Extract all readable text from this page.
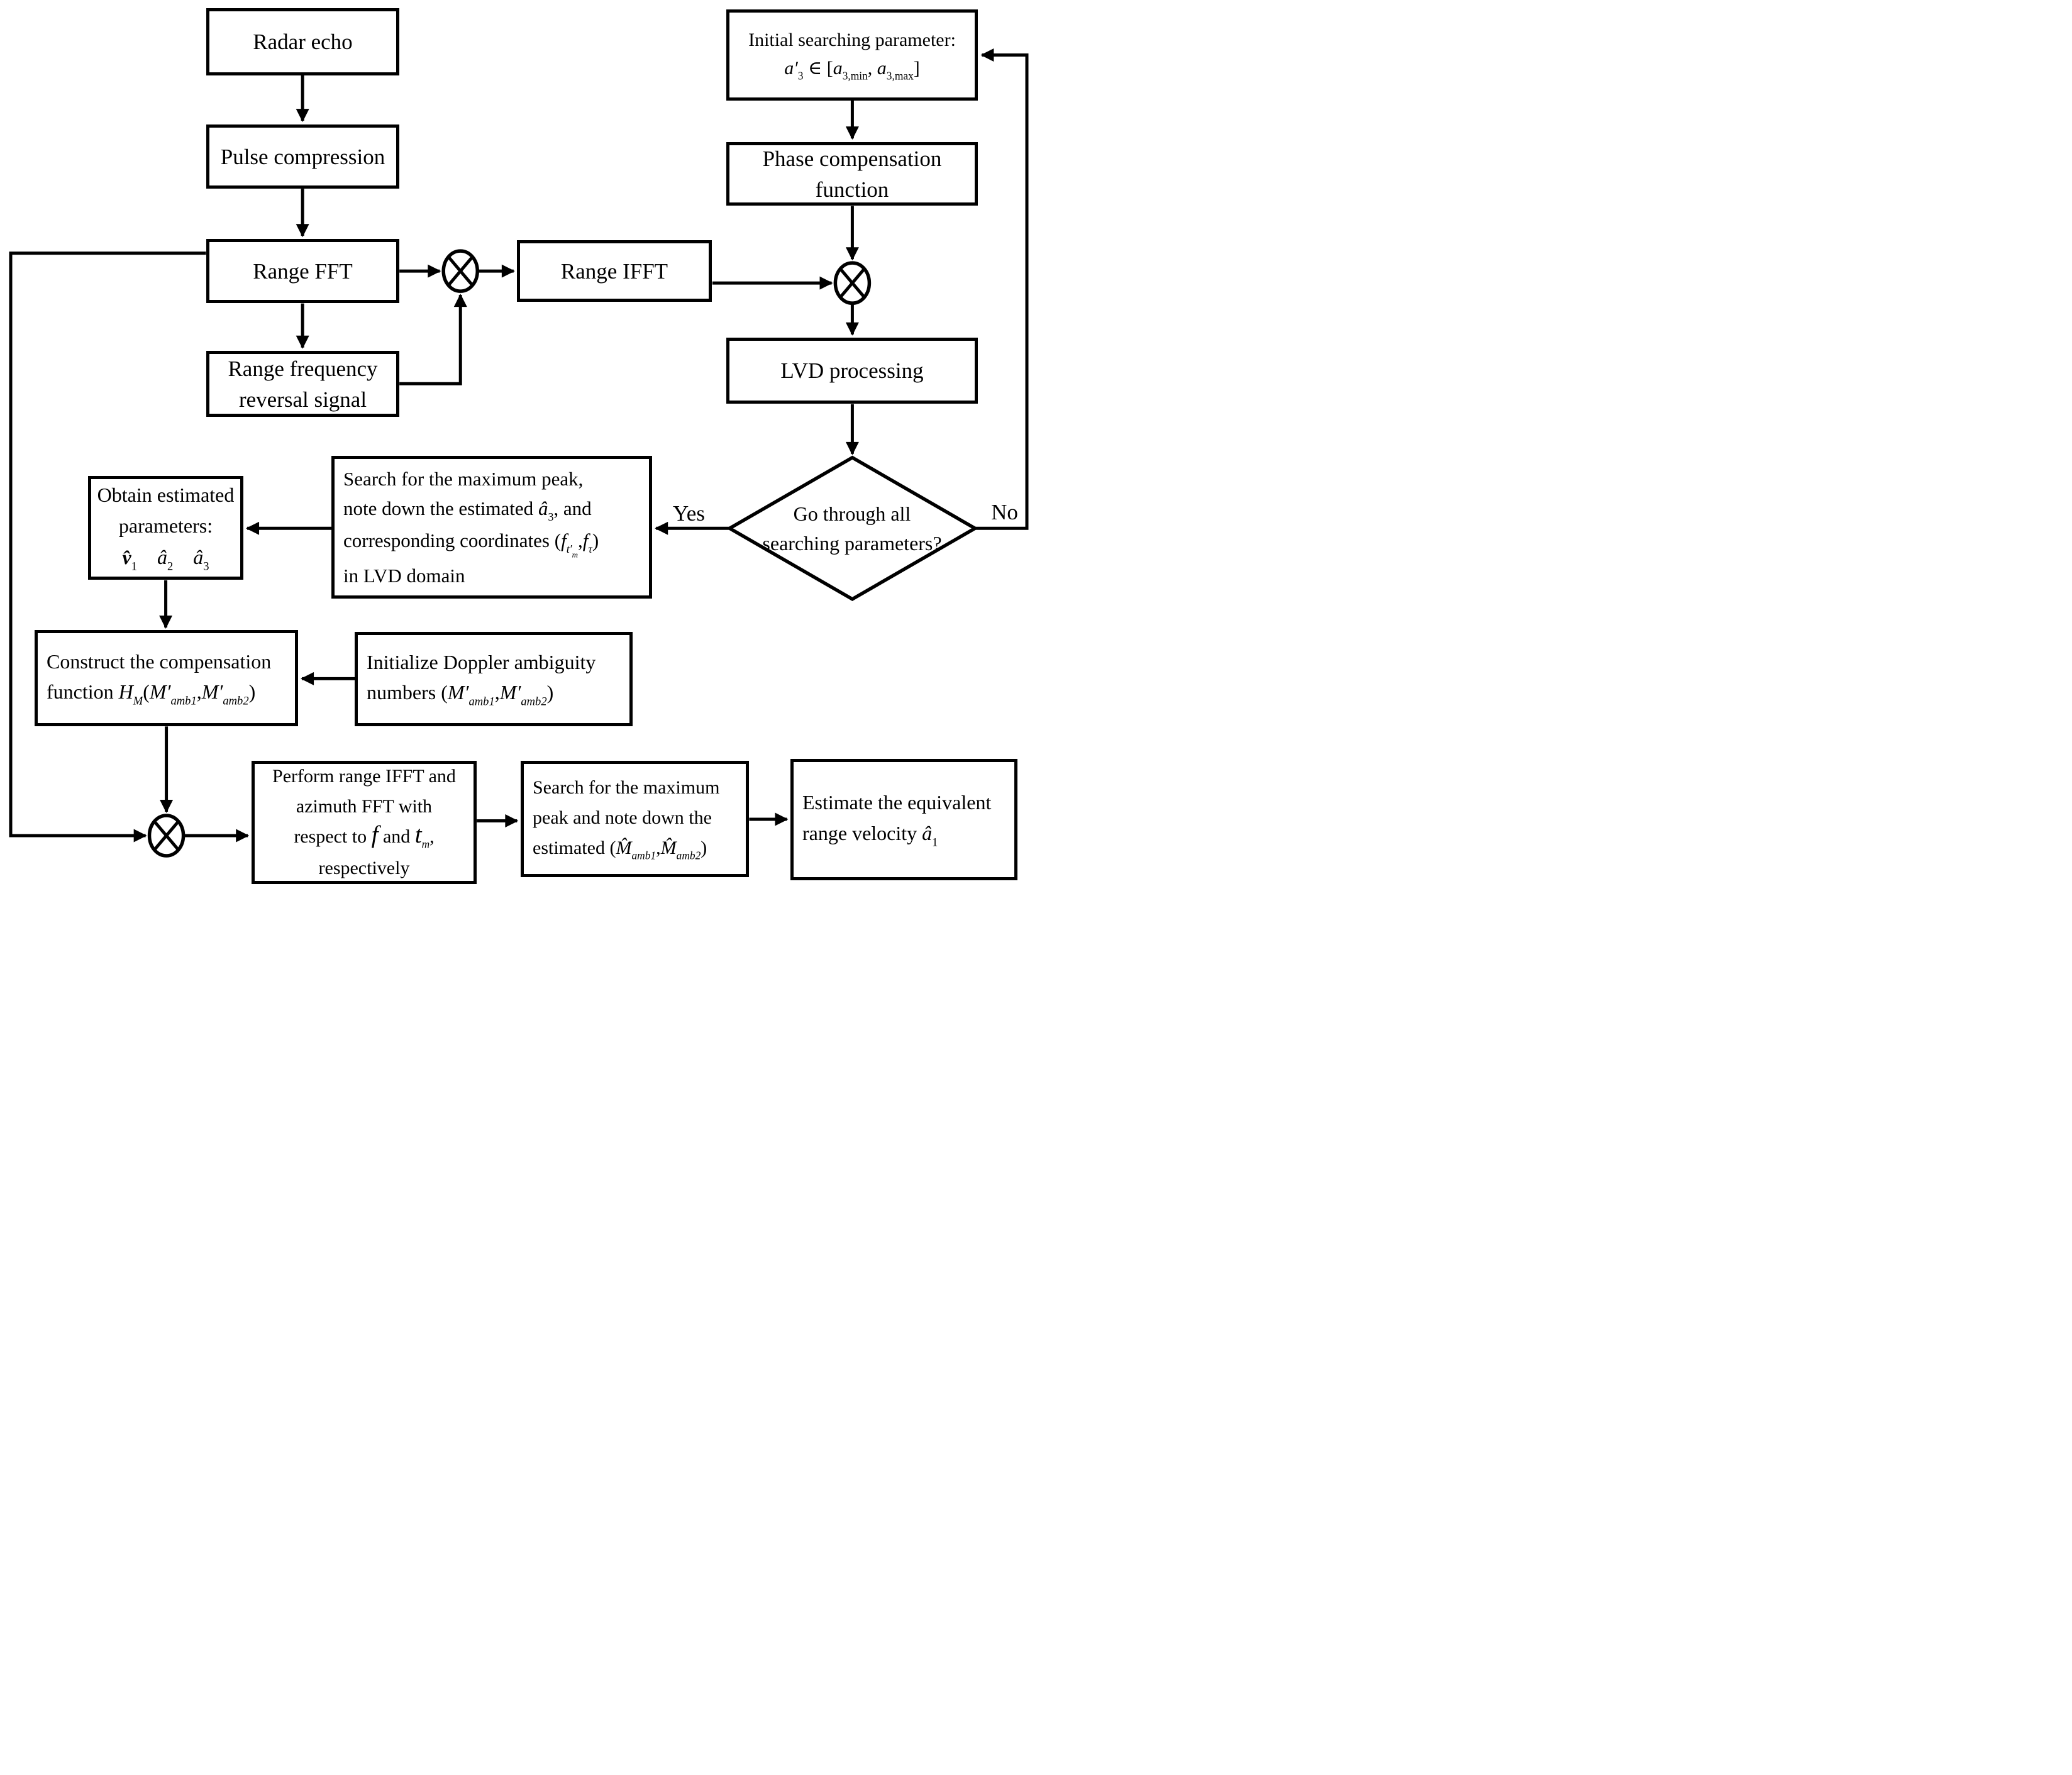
Radar echo
Pulse compression
Range FFT
Range frequency
reversal signal
Range IFFT
Initial searching parameter:
$a'_3$ ∈ [$a_{3,min}$, $a_{3,max}$]
Phase compensation
function
LVD processing
Search for the maximum peak,
note down the estimated $â_3$, and
corresponding coordinates $(f_{t'm},f_\tau)$
in LVD domain
Obtain estimated
parameters:
$v̂_1$  $â_2$  $â_3$
Construct the compensation
function $H_M(M'_{amb1},M'_{amb2})$
Initialize Doppler ambiguity
numbers $(M'_{amb1},M'_{amb2})$
Perform range IFFT and
azimuth FFT with
respect to f and $t_m$,
respectively
Search for the maximum
peak and note down the
estimated $(M̂_{amb1},M̂_{amb2})$
Estimate the equivalent
range velocity $â_1$
Go through all
searching parameters?
Yes	No
